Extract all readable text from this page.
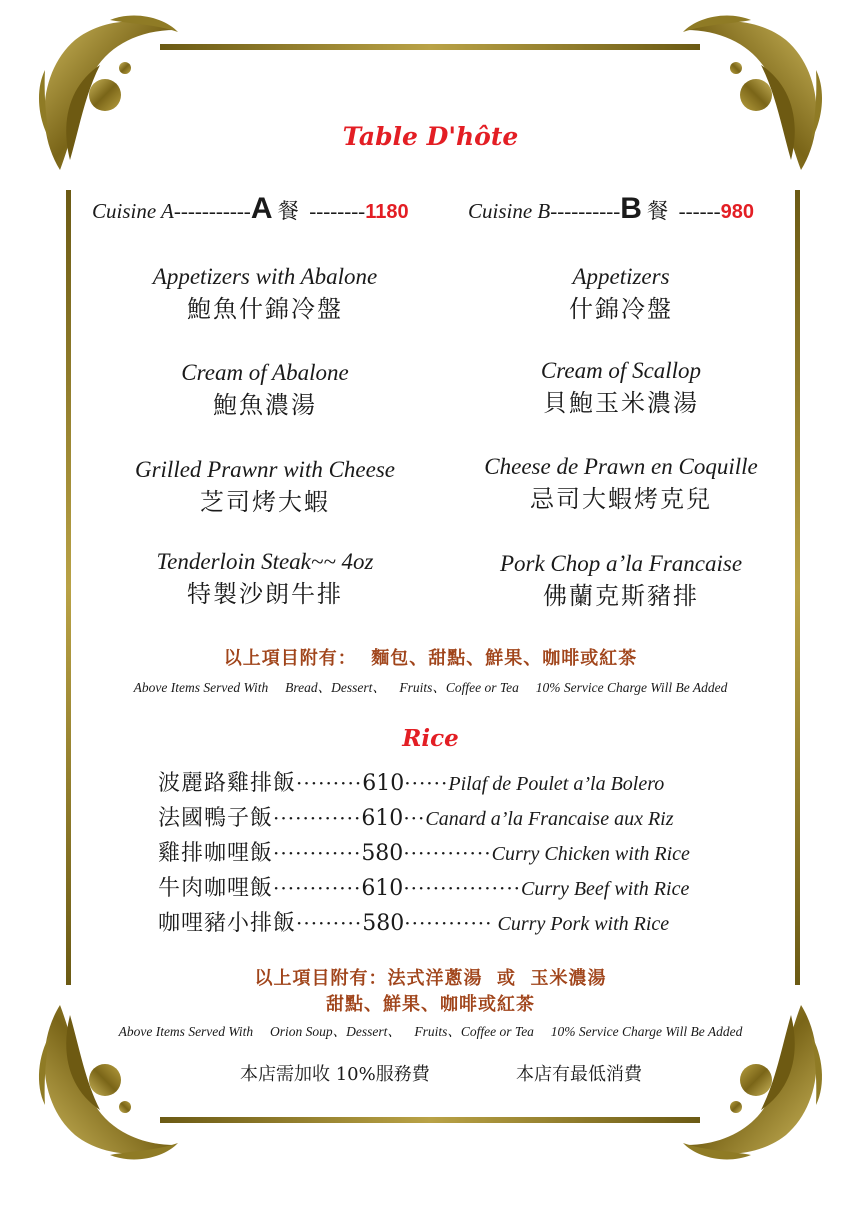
Table D'hôte
Cuisine A-----------A 餐 --------1180	Cuisine B----------B 餐 ------980
Appetizers with Abalone
鮑魚什錦冷盤
Cream of Abalone
鮑魚濃湯
Grilled Prawnr with Cheese
芝司烤大蝦
Tenderloin Steak~~ 4oz
特製沙朗牛排
Appetizers
什錦冷盤
Cream of Scallop
貝鮑玉米濃湯
Cheese de Prawn en Coquille
忌司大蝦烤克兒
Pork Chop a’la Francaise
佛蘭克斯豬排
以上項目附有：  麵包、甜點、鮮果、咖啡或紅茶
Above Items Served With     Bread、Dessert、    Fruits、Coffee or Tea     10% Service Charge Will Be Added
Rice
波麗路雞排飯·········610······Pilaf de Poulet a’la Bolero
法國鴨子飯············610···Canard a’la Francaise aux Riz
雞排咖哩飯············580············Curry Chicken with Rice
牛肉咖哩飯············610················Curry Beef with Rice
咖哩豬小排飯·········580············ Curry Pork with Rice
以上項目附有：法式洋蔥湯  或  玉米濃湯
甜點、鮮果、咖啡或紅茶
Above Items Served With     Orion Soup、Dessert、    Fruits、Coffee or Tea     10% Service Charge Will Be Added
本店需加收 10%服務費	本店有最低消費
